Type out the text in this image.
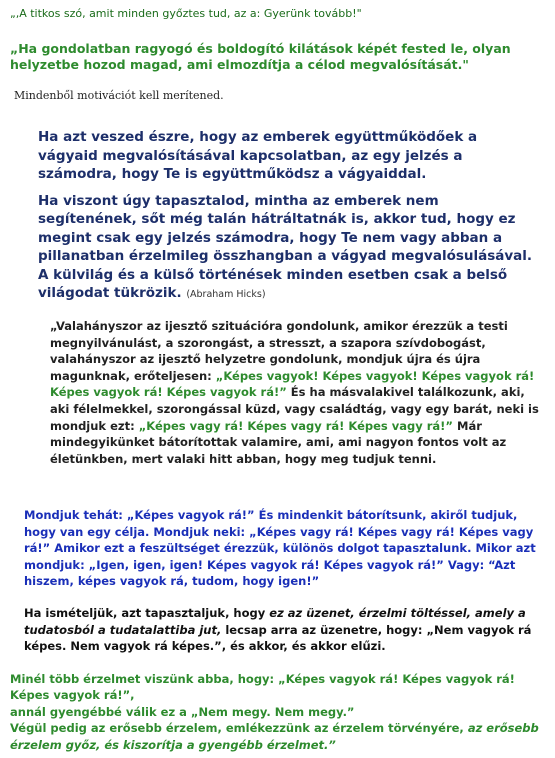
„,A titkos szó, amit minden győztes tud, az a: Gyerünk tovább!"
„Ha gondolatban ragyogó és boldogító kilátások képét fested le, olyan helyzetbe hozod magad, ami elmozdítja a célod megvalósítását."
Mindenből motivációt kell merítened.

Ha azt veszed észre, hogy az emberek együttműködőek a vágyaid megvalósításával kapcsolatban, az egy jelzés a számodra, hogy Te is együttműködsz a vágyaiddal.

Ha viszont úgy tapasztalod, mintha az emberek nem segítenének, sőt még talán hátráltatnák is, akkor tud, hogy ez megint csak egy jelzés számodra, hogy Te nem vagy abban a pillanatban érzelmileg összhangban a vágyad megvalósulásával. A külvilág és a külső történések minden esetben csak a belső világodat tükrözik. (Abraham Hicks)

„Valahányszor az ijesztő szituációra gondolunk, amikor érezzük a testi megnyilvánulást, a szorongást, a stresszt, a szapora szívdobogást, valahányszor az ijesztő helyzetre gondolunk, mondjuk újra és újra magunknak, erőteljesen: „Képes vagyok! Képes vagyok! Képes vagyok rá! Képes vagyok rá! Képes vagyok rá!” És ha másvalakivel találkozunk, aki, aki félelmekkel, szorongással küzd, vagy családtág, vagy egy barát, neki is mondjuk ezt: „Képes vagy rá! Képes vagy rá! Képes vagy rá!” Már mindegyikünket bátorítottak valamire, ami, ami nagyon fontos volt az életünkben, mert valaki hitt abban, hogy meg tudjuk tenni.
Mondjuk tehát: „Képes vagyok rá!” És mindenkit bátorítsunk, akiről tudjuk, hogy van egy célja. Mondjuk neki: „Képes vagy rá! Képes vagy rá! Képes vagy rá!” Amikor ezt a feszültséget érezzük, különös dolgot tapasztalunk. Mikor azt mondjuk: „Igen, igen, igen! Képes vagyok rá! Képes vagyok rá!” Vagy: “Azt hiszem, képes vagyok rá, tudom, hogy igen!”
Ha ismételjük, azt tapasztaljuk, hogy ez az üzenet, érzelmi töltéssel, amely a tudatosból a tudatalattiba jut, lecsap arra az üzenetre, hogy: „Nem vagyok rá képes. Nem vagyok rá képes.”, és akkor, és akkor elűzi.
Minél több érzelmet viszünk abba, hogy: „Képes vagyok rá! Képes vagyok rá! Képes vagyok rá!”,
annál gyengébbé válik ez a „Nem megy. Nem megy.”
Végül pedig az erősebb érzelem, emlékezzünk az érzelem törvényére, az erősebb érzelem győz, és kiszorítja a gyengébb érzelmet.”
